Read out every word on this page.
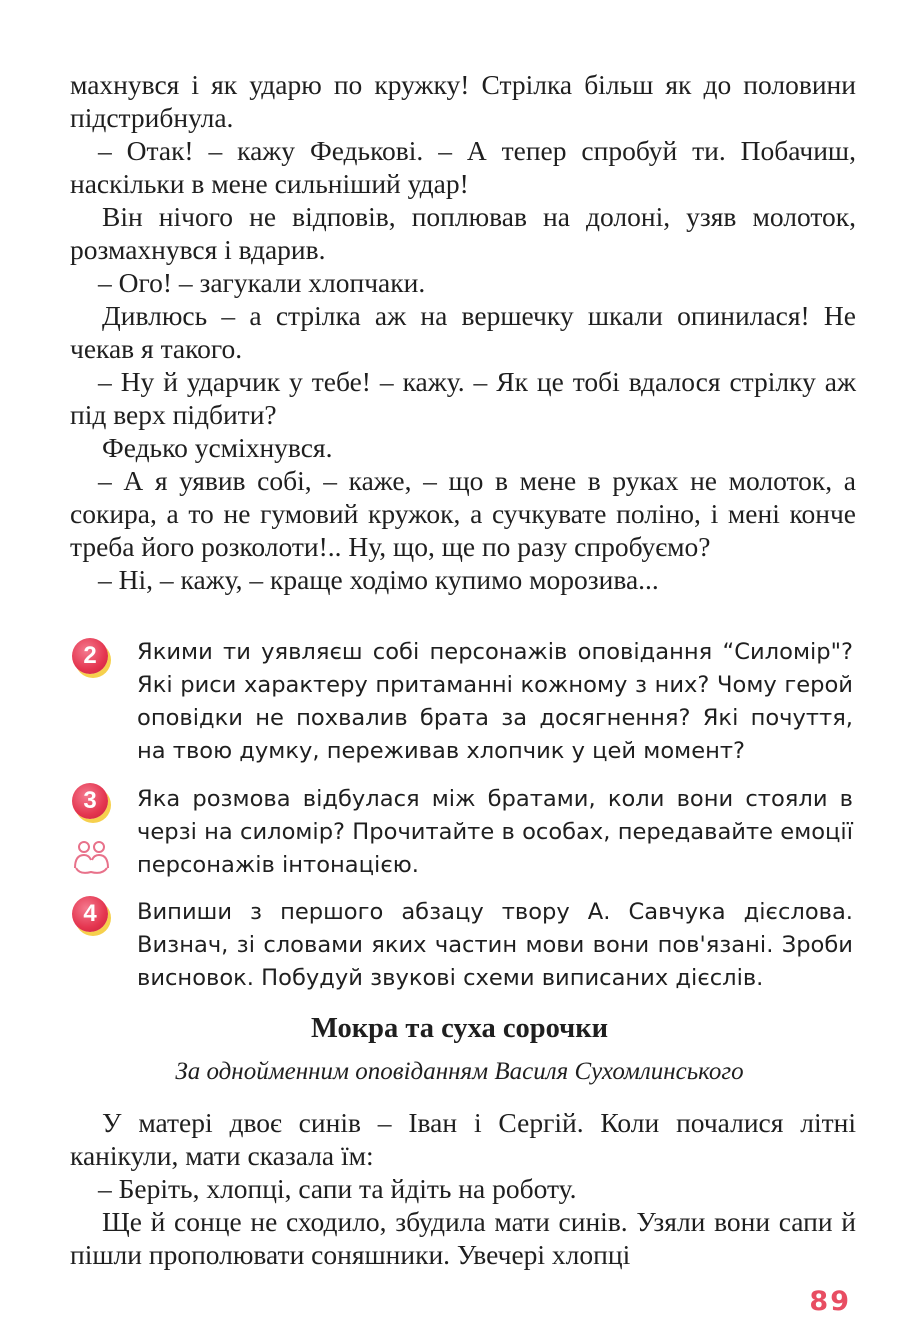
махнувся і як ударю по кружку! Стрілка більш як до половини підстрибнула.

– Отак! – кажу Федькові. – А тепер спробуй ти. Побачиш, наскільки в мене сильніший удар!

Він нічого не відповів, поплював на долоні, узяв молоток, розмахнувся і вдарив.

– Ого! – загукали хлопчаки.

Дивлюсь – а стрілка аж на вершечку шкали опинилася! Не чекав я такого.

– Ну й ударчик у тебе! – кажу. – Як це тобі вдалося стрілку аж під верх підбити?

Федько усміхнувся.

– А я уявив собі, – каже, – що в мене в руках не молоток, а сокира, а то не гумовий кружок, а сучкувате поліно, і мені конче треба його розколоти!.. Ну, що, ще по разу спробуємо?

– Ні, – кажу, – краще ходімо купимо морозива...

2	Якими ти уявляєш собі персонажів оповідання “Силомір"? Які риси характеру притаманні кожному з них? Чому герой оповідки не похвалив брата за досягнення? Які почуття, на твою думку, переживав хлопчик у цей момент?

3	Яка розмова відбулася між братами, коли вони стояли в черзі на силомір? Прочитайте в особах, передавайте емоції персонажів інтонацією.

4	Випиши з першого абзацу твору А. Савчука дієслова. Визнач, зі словами яких частин мови вони пов'язані. Зроби висновок. Побудуй звукові схеми виписаних дієслів.

Мокра та суха сорочки
За однойменним оповіданням Василя Сухомлинського

У матері двоє синів – Іван і Сергій. Коли почалися літні канікули, мати сказала їм:

– Беріть, хлопці, сапи та йдіть на роботу.

Ще й сонце не сходило, збудила мати синів. Узяли вони сапи й пішли прополювати соняшники. Увечері хлопці

89
